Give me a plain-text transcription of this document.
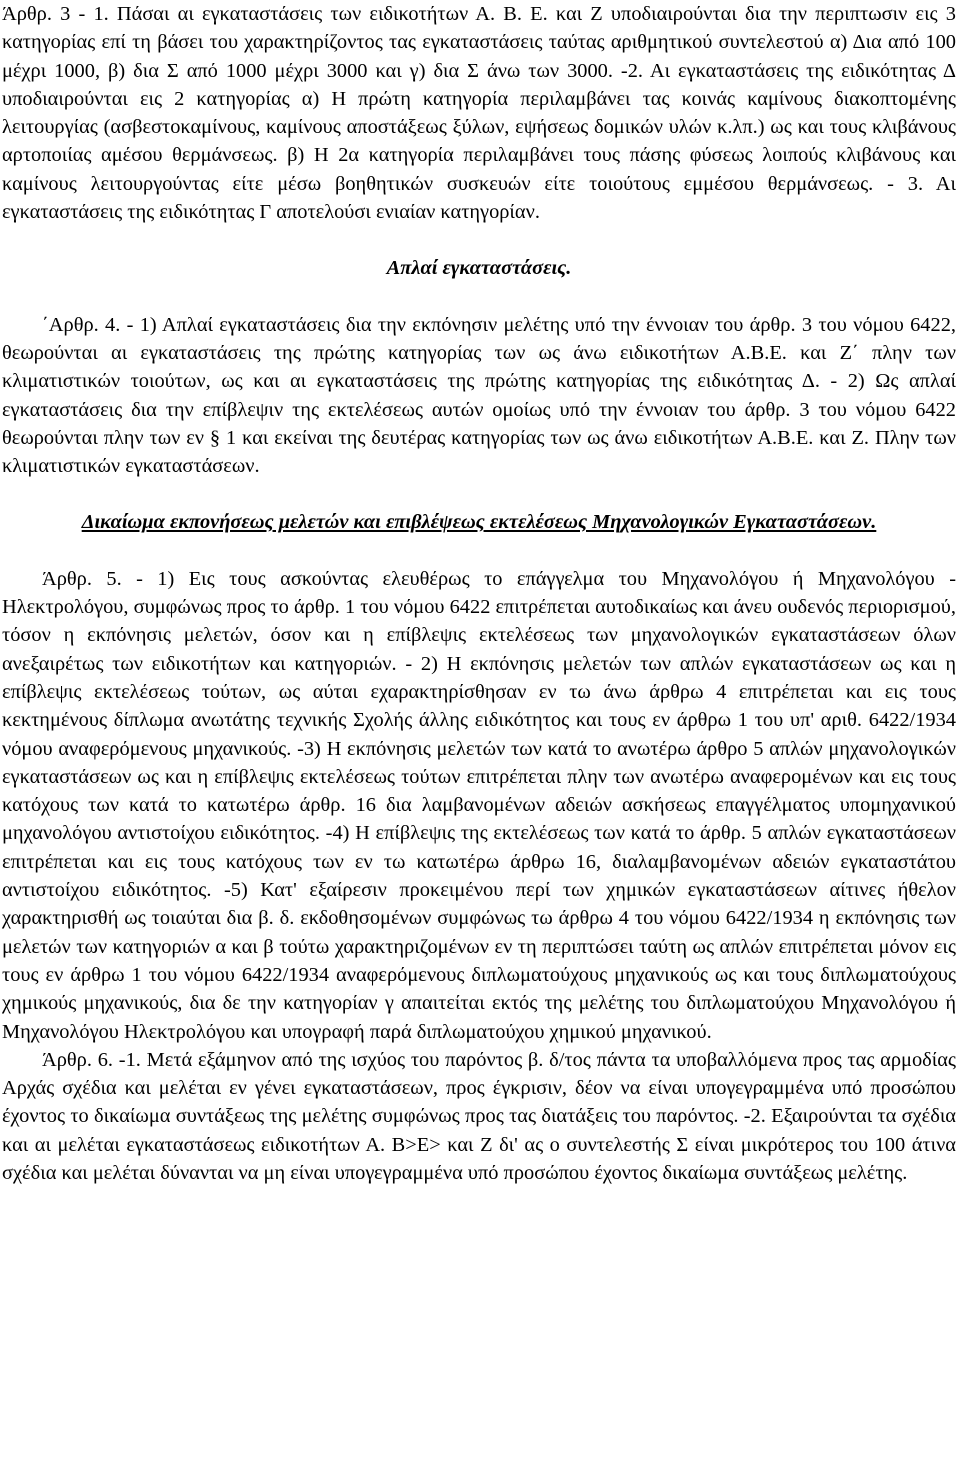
Άρθρ. 3 - 1. Πάσαι αι εγκαταστάσεις των ειδικοτήτων Α. Β. Ε. και Ζ υποδιαιρούνται δια την περιπτωσιν εις 3 κατηγορίας επί τη βάσει του χαρακτηρίζοντος τας εγκαταστάσεις ταύτας αριθμητικού συντελεστού α) Δια από 100 μέχρι 1000, β) δια Σ από 1000 μέχρι 3000 και γ) δια Σ άνω των 3000. -2. Αι εγκαταστάσεις της ειδικότητας Δ υποδιαιρούνται εις 2 κατηγορίας α) Η πρώτη κατηγορία περιλαμβάνει τας κοινάς καμίνους διακοπτομένης λειτουργίας (ασβεστοκαμίνους, καμίνους αποστάξεως ξύλων, εψήσεως δομικών υλών κ.λπ.) ως και τους κλιβάνους αρτοποιίας αμέσου θερμάνσεως. β) Η 2α κατηγορία περιλαμβάνει τους πάσης φύσεως λοιπούς κλιβάνους και καμίνους λειτουργούντας είτε μέσω βοηθητικών συσκευών είτε τοιούτους εμμέσου θερμάνσεως. - 3. Αι εγκαταστάσεις της ειδικότητας Γ αποτελούσι ενιαίαν κατηγορίαν.

Απλαί εγκαταστάσεις.

΄Αρθρ. 4. - 1) Απλαί εγκαταστάσεις δια την εκπόνησιν μελέτης υπό την έννοιαν του άρθρ. 3 του νόμου 6422, θεωρούνται αι εγκαταστάσεις της πρώτης κατηγορίας των ως άνω ειδικοτήτων Α.Β.Ε. και Ζ΄ πλην των κλιματιστικών τοιούτων, ως και αι εγκαταστάσεις της πρώτης κατηγορίας της ειδικότητας Δ. - 2) Ως απλαί εγκαταστάσεις δια την επίβλεψιν της εκτελέσεως αυτών ομοίως υπό την έννοιαν του άρθρ. 3 του νόμου 6422 θεωρούνται πλην των εν § 1 και εκείναι της δευτέρας κατηγορίας των ως άνω ειδικοτήτων Α.Β.Ε. και Ζ. Πλην των κλιματιστικών εγκαταστάσεων.

Δικαίωμα εκπονήσεως μελετών και επιβλέψεως εκτελέσεως Μηχανολογικών Εγκαταστάσεων.

Άρθρ. 5. - 1) Εις τους ασκούντας ελευθέρως το επάγγελμα του Μηχανολόγου ή Μηχανολόγου - Ηλεκτρολόγου, συμφώνως προς το άρθρ. 1 του νόμου 6422 επιτρέπεται αυτοδικαίως και άνευ ουδενός περιορισμού, τόσον η εκπόνησις μελετών, όσον και η επίβλεψις εκτελέσεως των μηχανολογικών εγκαταστάσεων όλων ανεξαιρέτως των ειδικοτήτων και κατηγοριών. - 2) Η εκπόνησις μελετών των απλών εγκαταστάσεων ως και η επίβλεψις εκτελέσεως τούτων, ως αύται εχαρακτηρίσθησαν εν τω άνω άρθρω 4 επιτρέπεται και εις τους κεκτημένους δίπλωμα ανωτάτης τεχνικής Σχολής άλλης ειδικότητος και τους εν άρθρω 1 του υπ' αριθ. 6422/1934 νόμου αναφερόμενους μηχανικούς. -3) Η εκπόνησις μελετών των κατά το ανωτέρω άρθρο 5 απλών μηχανολογικών εγκαταστάσεων ως και η επίβλεψις εκτελέσεως τούτων επιτρέπεται πλην των ανωτέρω αναφερομένων και εις τους κατόχους των κατά το κατωτέρω άρθρ. 16 δια λαμβανομένων αδειών ασκήσεως επαγγέλματος υπομηχανικού μηχανολόγου αντιστοίχου ειδικότητος. -4) Η επίβλεψις της εκτελέσεως των κατά το άρθρ. 5 απλών εγκαταστάσεων επιτρέπεται και εις τους κατόχους των εν τω κατωτέρω άρθρω 16, διαλαμβανομένων αδειών εγκαταστάτου αντιστοίχου ειδικότητος. -5) Κατ' εξαίρεσιν προκειμένου περί των χημικών εγκαταστάσεων αίτινες ήθελον χαρακτηρισθή ως τοιαύται δια β. δ. εκδοθησομένων συμφώνως τω άρθρω 4 του νόμου 6422/1934 η εκπόνησις των μελετών των κατηγοριών α και β τούτω χαρακτηριζομένων εν τη περιπτώσει ταύτη ως απλών επιτρέπεται μόνον εις τους εν άρθρω 1 του νόμου 6422/1934 αναφερόμενους διπλωματούχους μηχανικούς ως και τους διπλωματούχους χημικούς μηχανικούς, δια δε την κατηγορίαν γ απαιτείται εκτός της μελέτης του διπλωματούχου Μηχανολόγου ή Μηχανολόγου Ηλεκτρολόγου και υπογραφή παρά διπλωματούχου χημικού μηχανικού.

Άρθρ. 6. -1. Μετά εξάμηνον από της ισχύος του παρόντος β. δ/τος πάντα τα υποβαλλόμενα προς τας αρμοδίας Αρχάς σχέδια και μελέται εν γένει εγκαταστάσεων, προς έγκρισιν, δέον να είναι υπογεγραμμένα υπό προσώπου έχοντος το δικαίωμα συντάξεως της μελέτης συμφώνως προς τας διατάξεις του παρόντος. -2. Εξαιρούνται τα σχέδια και αι μελέται εγκαταστάσεως ειδικοτήτων Α. Β>Ε> και Ζ δι' ας ο συντελεστής Σ είναι μικρότερος του 100 άτινα σχέδια και μελέται δύνανται να μη είναι υπογεγραμμένα υπό προσώπου έχοντος δικαίωμα συντάξεως μελέτης.
